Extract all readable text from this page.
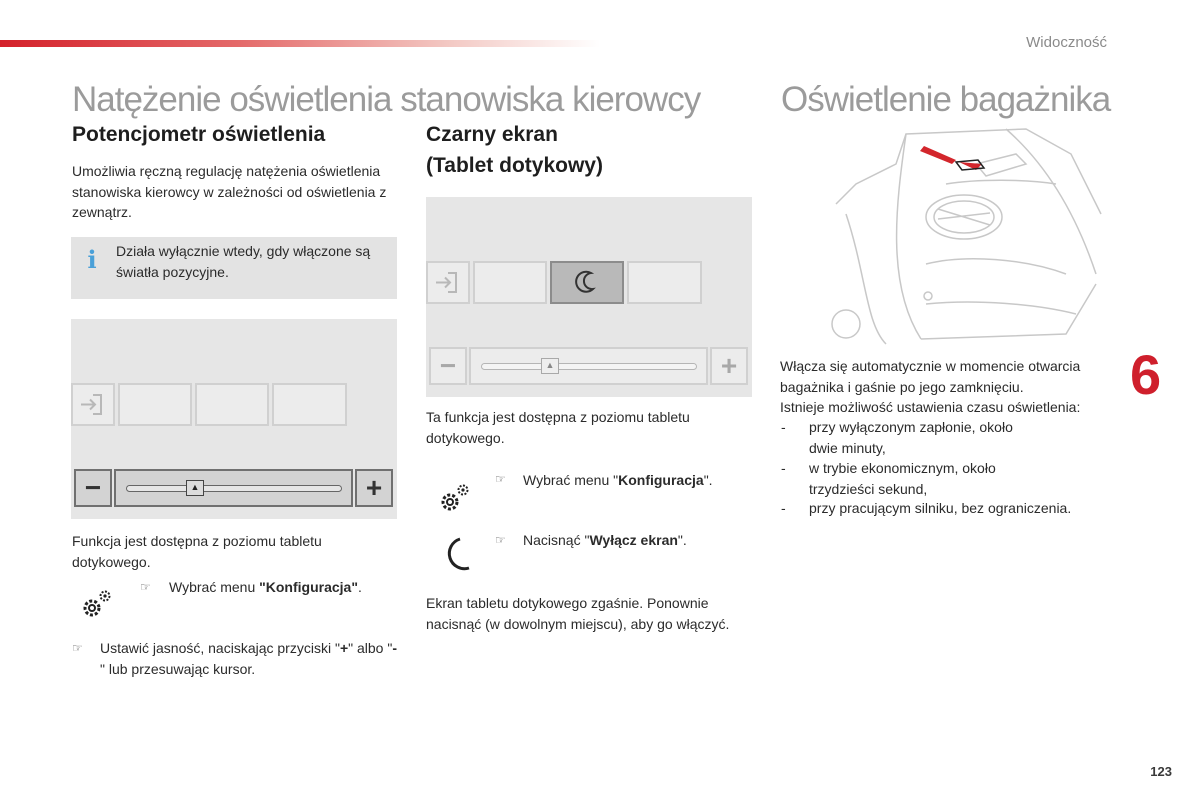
Widoczność
Natężenie oświetlenia stanowiska kierowcy Oświetlenie bagażnika
Potencjometr oświetlenia
Umożliwia ręczną regulację natężenia oświetlenia stanowiska kierowcy w zależności od oświetlenia z zewnątrz.
i Działa wyłącznie wtedy, gdy włączone są światła pozycyjne.
−	▲	+
Funkcja jest dostępna z poziomu tabletu dotykowego.
☞ Wybrać menu "Konfiguracja".
☞ Ustawić jasność, naciskając przyciski "+" albo "-" lub przesuwając kursor.
Czarny ekran
(Tablet dotykowy)
−	▲	+
Ta funkcja jest dostępna z poziomu tabletu dotykowego.
☞ Wybrać menu "Konfiguracja".
☞ Nacisnąć "Wyłącz ekran".
Ekran tabletu dotykowego zgaśnie. Ponownie nacisnąć (w dowolnym miejscu), aby go włączyć.
Włącza się automatycznie w momencie otwarcia bagażnika i gaśnie po jego zamknięciu.
Istnieje możliwość ustawienia czasu oświetlenia:
- przy wyłączonym zapłonie, około
dwie minuty,
- w trybie ekonomicznym, około
trzydzieści sekund,
- przy pracującym silniku, bez ograniczenia.
6
123
